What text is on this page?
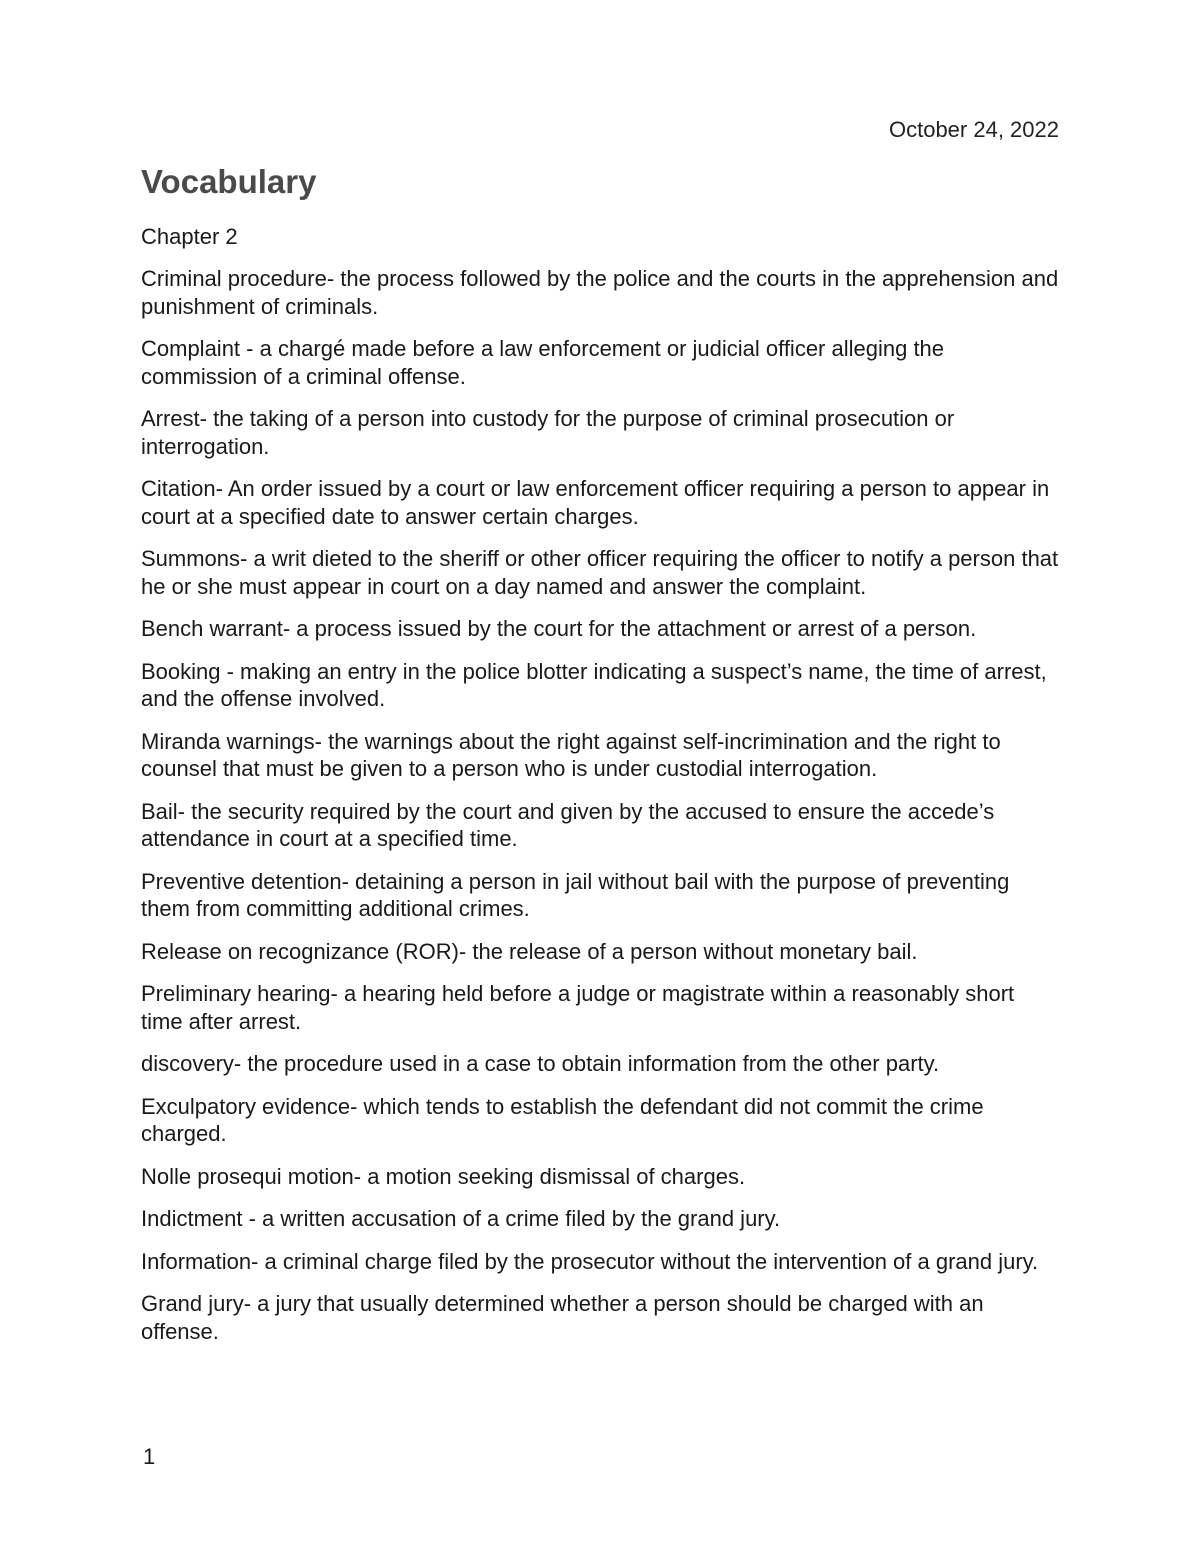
October 24, 2022
Vocabulary

Chapter 2

Criminal procedure- the process followed by the police and the courts in the apprehension and punishment of criminals.

Complaint - a chargé made before a law enforcement or judicial officer alleging the commission of a criminal offense.

Arrest- the taking of a person into custody for the purpose of criminal prosecution or interrogation.

Citation- An order issued by a court or law enforcement officer requiring a person to appear in court at a specified date to answer certain charges.

Summons- a writ dieted to the sheriff or other officer requiring the officer to notify a person that he or she must appear in court on a day named and answer the complaint.

Bench warrant- a process issued by the court for the attachment or arrest of a person.

Booking - making an entry in the police blotter indicating a suspect’s name, the time of arrest, and the offense involved.

Miranda warnings- the warnings about the right against self-incrimination and the right to counsel that must be given to a person who is under custodial interrogation.

Bail- the security required by the court and given by the accused to ensure the accede’s attendance in court at a specified time.

Preventive detention- detaining a person in jail without bail with the purpose of preventing them from committing additional crimes.

Release on recognizance (ROR)- the release of a person without monetary bail.

Preliminary hearing- a hearing held before a judge or magistrate within a reasonably short time after arrest.

discovery- the procedure used in a case to obtain information from the other party.

Exculpatory evidence- which tends to establish the defendant did not commit the crime charged.

Nolle prosequi motion- a motion seeking dismissal of charges.

Indictment - a written accusation of a crime filed by the grand jury.

Information- a criminal charge filed by the prosecutor without the intervention of a grand jury.

Grand jury- a jury that usually determined whether a person should be charged with an offense.

1
